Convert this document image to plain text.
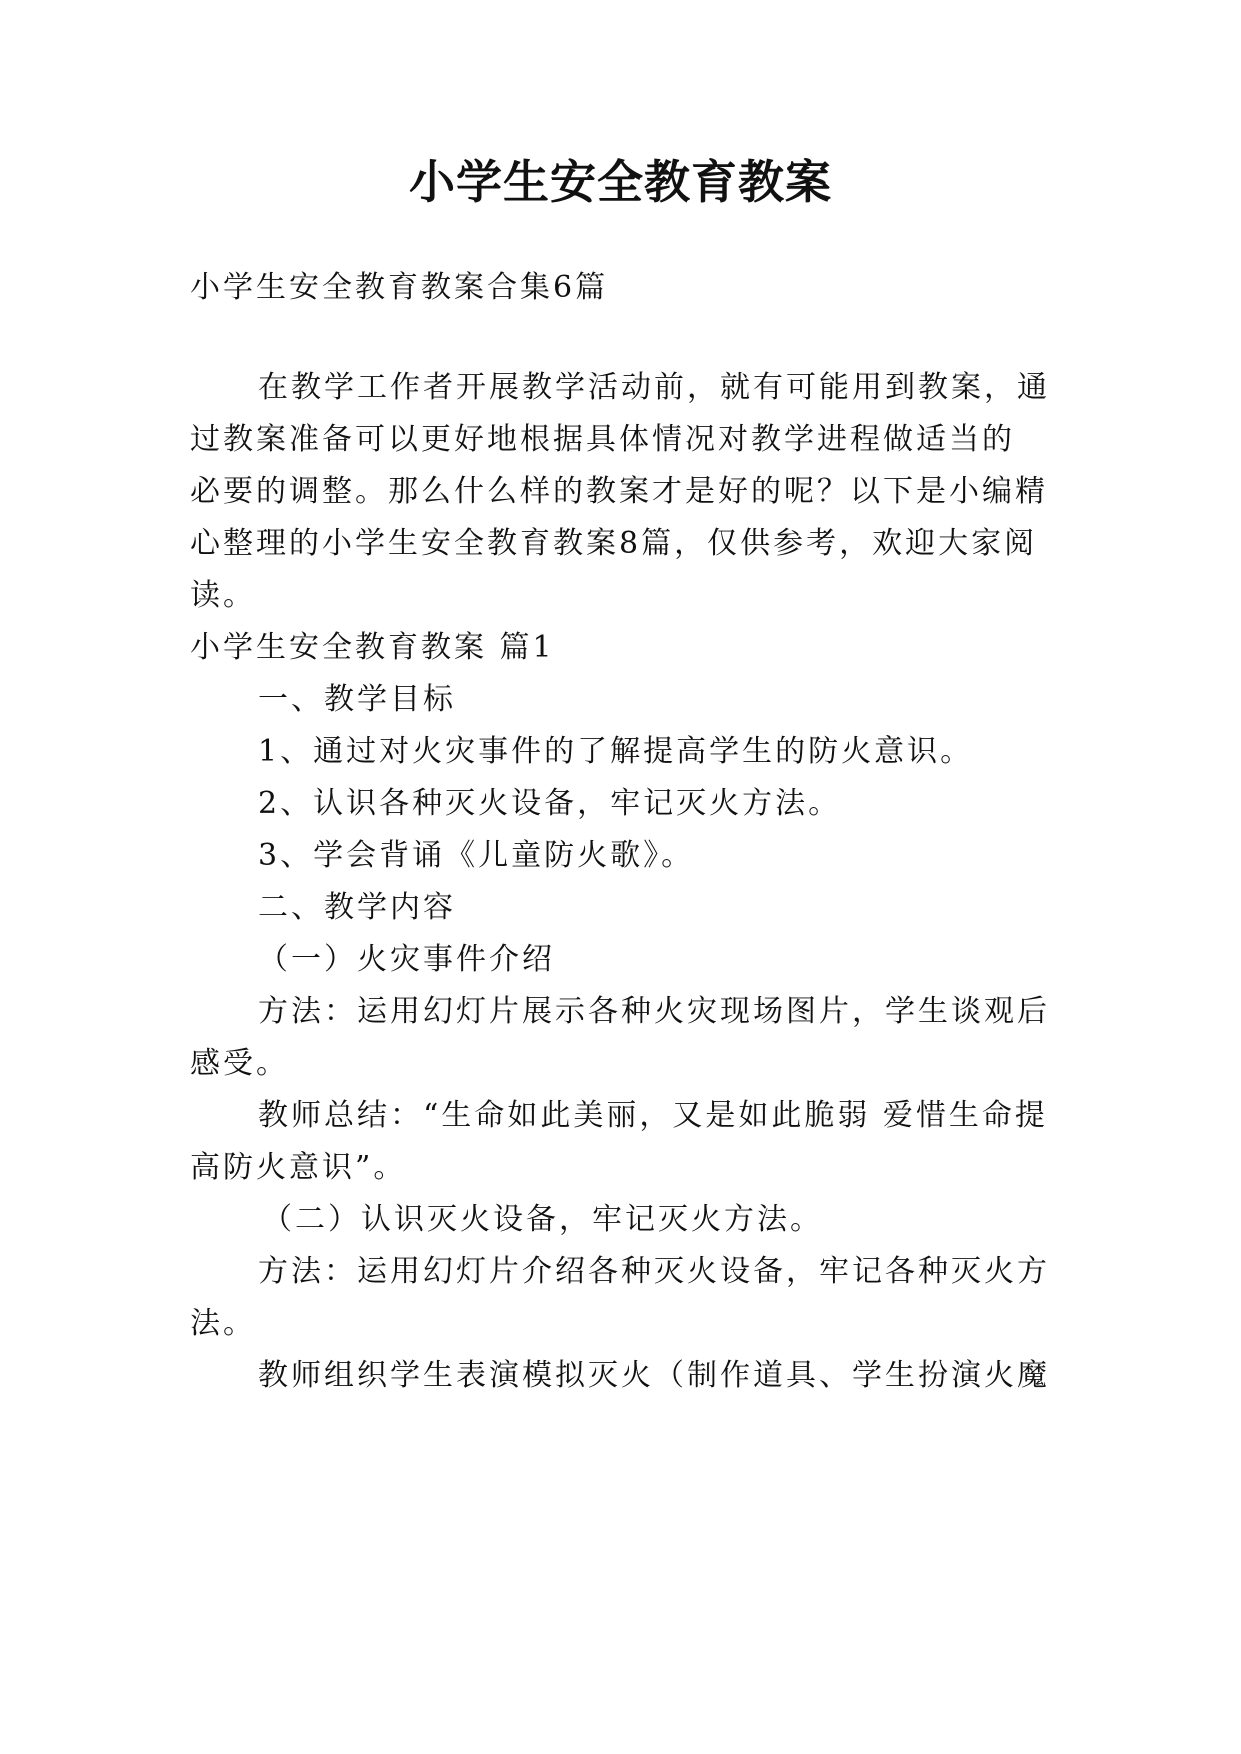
小学生安全教育教案

小学生安全教育教案合集6篇

在教学工作者开展教学活动前，就有可能用到教案，通

过教案准备可以更好地根据具体情况对教学进程做适当的

必要的调整。那么什么样的教案才是好的呢？以下是小编精

心整理的小学生安全教育教案8篇，仅供参考，欢迎大家阅

读。

小学生安全教育教案 篇1

一、教学目标

1、通过对火灾事件的了解提高学生的防火意识。

2、认识各种灭火设备，牢记灭火方法。

3、学会背诵《儿童防火歌》。

二、教学内容

（一）火灾事件介绍

方法：运用幻灯片展示各种火灾现场图片，学生谈观后

感受。

教师总结：“生命如此美丽，又是如此脆弱 爱惜生命提

高防火意识”。

（二）认识灭火设备，牢记灭火方法。

方法：运用幻灯片介绍各种灭火设备，牢记各种灭火方

法。

教师组织学生表演模拟灭火（制作道具、学生扮演火魔
